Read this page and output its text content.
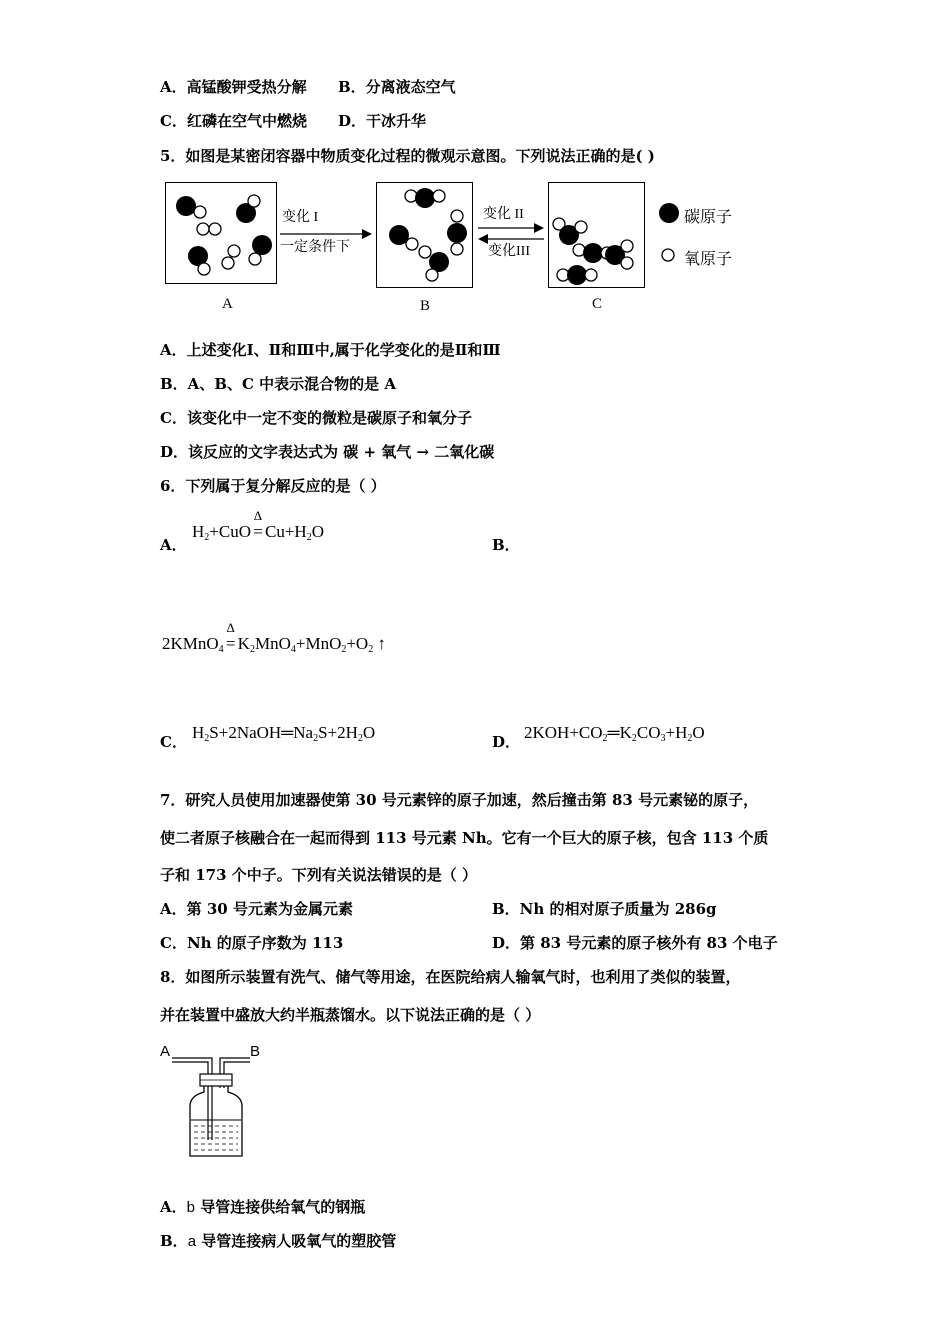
A．高锰酸钾受热分解 B．分离液态空气
C．红磷在空气中燃烧 D．干冰升华
5．如图是某密闭容器中物质变化过程的微观示意图。下列说法正确的是( )
A
变化 I
一定条件下
B
变化 II
变化III
C
碳原子
氧原子
A．上述变化Ⅰ、Ⅱ和Ⅲ中,属于化学变化的是Ⅱ和Ⅲ
B．A、B、C 中表示混合物的是 A
C．该变化中一定不变的微粒是碳原子和氧分子
D．该反应的文字表达式为 碳 + 氧气 → 二氧化碳
6．下列属于复分解反应的是（ ）
A．
$H_2+CuO$
Δ
= $Cu+H_2O$
B．
2KMnO$_4$
Δ
= $K_2MnO_4+MnO_2+O_2$ ↑
C． $H_2S+2NaOH═Na_2S+2H_2O$	D． $2KOH+CO_2═K_2CO_3+H_2O$
7．研究人员使用加速器使第 30 号元素锌的原子加速，然后撞击第 83 号元素铋的原子，
使二者原子核融合在一起而得到 113 号元素 Nh。它有一个巨大的原子核，包含 113 个质
子和 173 个中子。下列有关说法错误的是（ ）
A．第 30 号元素为金属元素	B．Nh 的相对原子质量为 286g
C．Nh 的原子序数为 113	D．第 83 号元素的原子核外有 83 个电子
8．如图所示装置有洗气、储气等用途，在医院给病人输氧气时，也利用了类似的装置，
并在装置中盛放大约半瓶蒸馏水。以下说法正确的是（ ）
A	B
A．b 导管连接供给氧气的钢瓶
B．a 导管连接病人吸氧气的塑胶管
